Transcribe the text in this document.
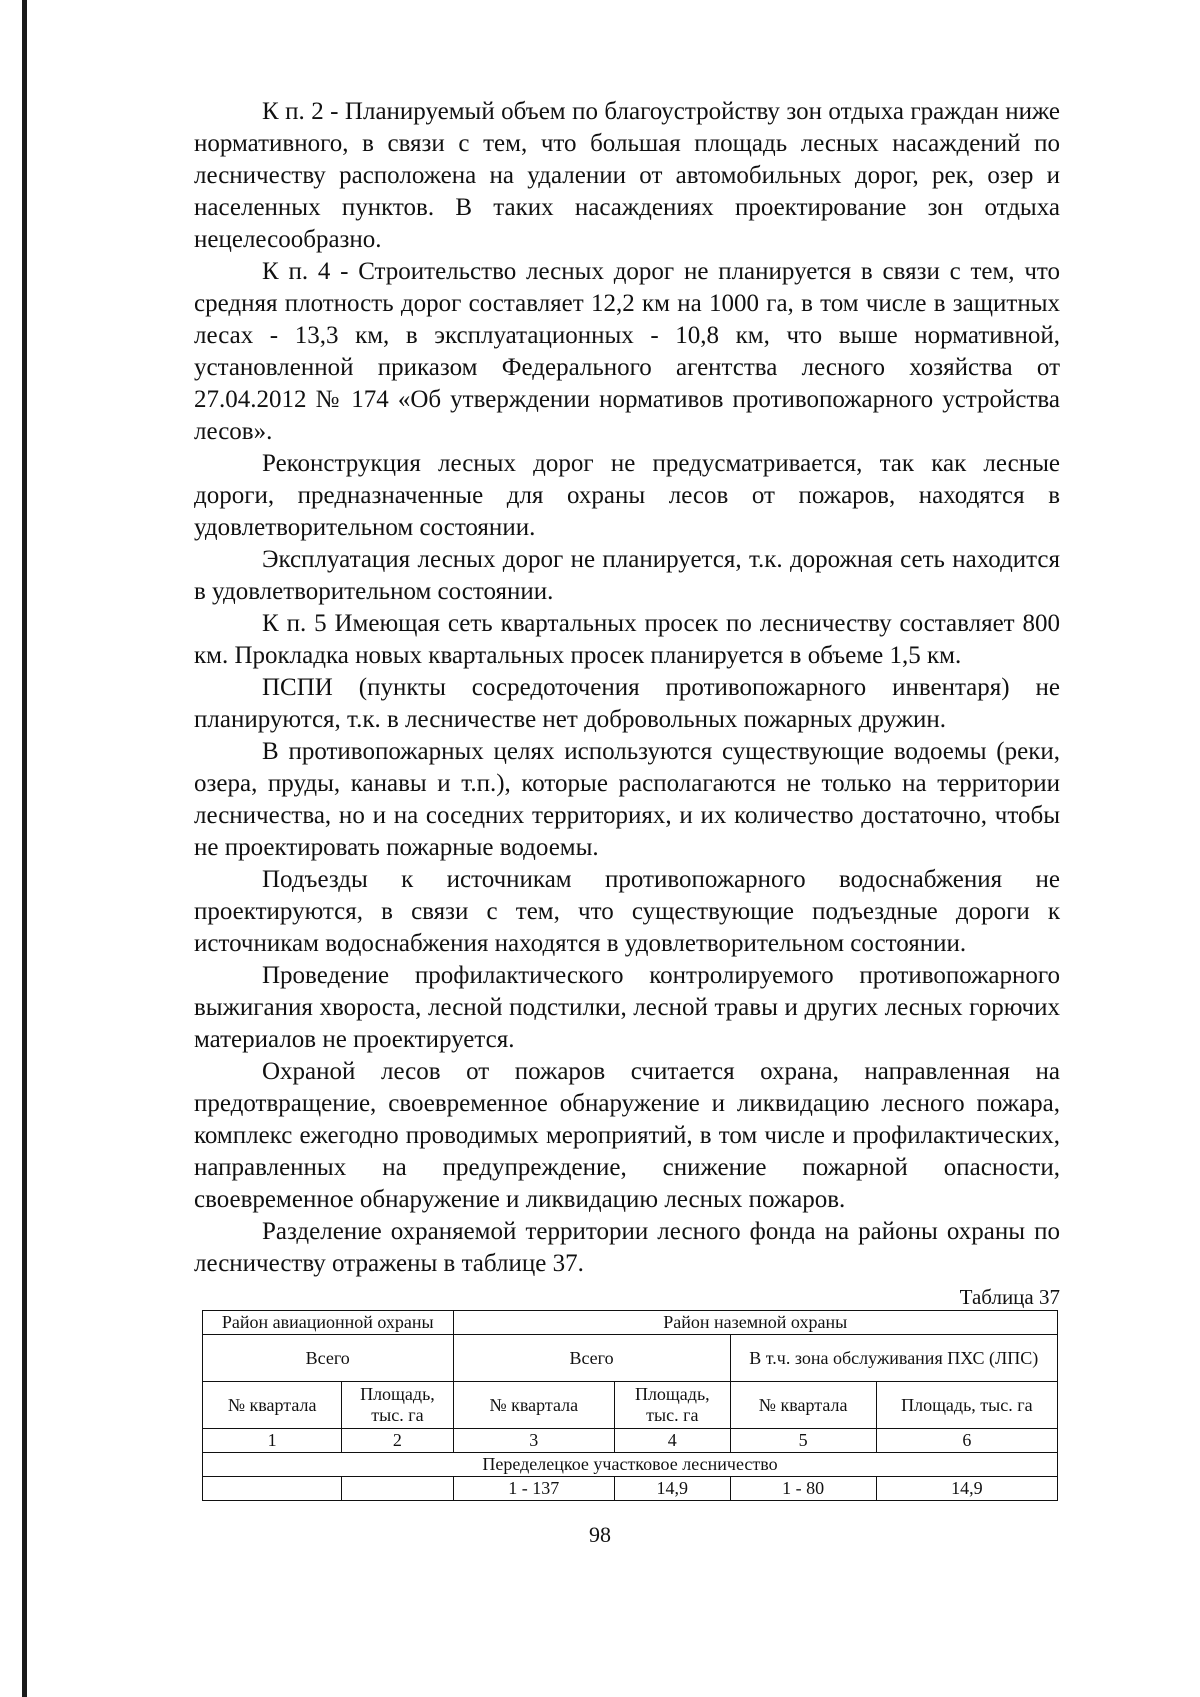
К п. 2 - Планируемый объем по благоустройству зон отдыха граждан ниже нормативного, в связи с тем, что большая площадь лесных насаждений по лесничеству расположена на удалении от автомобильных дорог, рек, озер и населенных пунктов. В таких насаждениях проектирование зон отдыха нецелесообразно.

К п. 4 - Строительство лесных дорог не планируется в связи с тем, что средняя плотность дорог составляет 12,2 км на 1000 га, в том числе в защитных лесах - 13,3 км, в эксплуатационных - 10,8 км, что выше нормативной, установленной приказом Федерального агентства лесного хозяйства от 27.04.2012 № 174 «Об утверждении нормативов противопожарного устройства лесов».

Реконструкция лесных дорог не предусматривается, так как лесные дороги, предназначенные для охраны лесов от пожаров, находятся в удовлетворительном состоянии.

Эксплуатация лесных дорог не планируется, т.к. дорожная сеть находится в удовлетворительном состоянии.

К п. 5 Имеющая сеть квартальных просек по лесничеству составляет 800 км. Прокладка новых квартальных просек планируется в объеме 1,5 км.

ПСПИ (пункты сосредоточения противопожарного инвентаря) не планируются, т.к. в лесничестве нет добровольных пожарных дружин.

В противопожарных целях используются существующие водоемы (реки, озера, пруды, канавы и т.п.), которые располагаются не только на территории лесничества, но и на соседних территориях, и их количество достаточно, чтобы не проектировать пожарные водоемы.

Подъезды к источникам противопожарного водоснабжения не проектируются, в связи с тем, что существующие подъездные дороги к источникам водоснабжения находятся в удовлетворительном состоянии.

Проведение профилактического контролируемого противопожарного выжигания хвороста, лесной подстилки, лесной травы и других лесных горючих материалов не проектируется.

Охраной лесов от пожаров считается охрана, направленная на предотвращение, своевременное обнаружение и ликвидацию лесного пожара, комплекс ежегодно проводимых мероприятий, в том числе и профилактических, направленных на предупреждение, снижение пожарной опасности, своевременное обнаружение и ликвидацию лесных пожаров.

Разделение охраняемой территории лесного фонда на районы охраны по лесничеству отражены в таблице 37.

Таблица 37
Район авиационной охраны		Район наземной охраны			
Всего		Всего		В т.ч. зона обслуживания ПХС (ЛПС)	
№ квартала	Площадь, тыс. га	№ квартала	Площадь, тыс. га	№ квартала	Площадь, тыс. га
1	2	3	4	5	6
Переделецкое участковое лесничество					
		1 - 137	14,9	1 - 80	14,9
98
